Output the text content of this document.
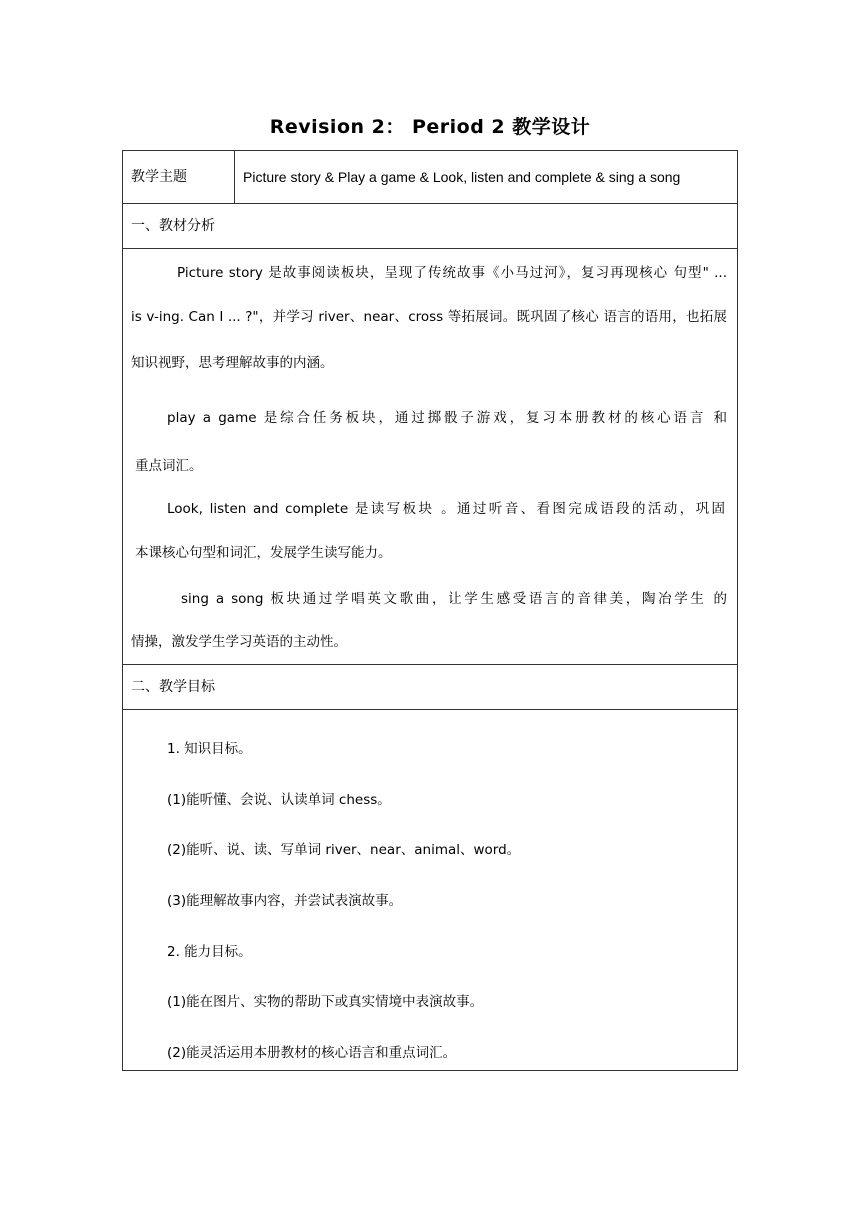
Revision 2： Period 2 教学设计
教学主题	Picture story & Play a game & Look, listen and complete & sing a song
一、教材分析
Picture story 是故事阅读板块，呈现了传统故事《小马过河》，复习再现核心 句型" ...
is v-ing. Can I ... ?"，并学习 river、near、cross 等拓展词。既巩固了核心 语言的语用，也拓展
知识视野，思考理解故事的内涵。
play a game 是综合任务板块，通过掷骰子游戏，复习本册教材的核心语言 和
重点词汇。
Look, listen and complete 是读写板块 。通过听音、看图完成语段的活动，巩固
本课核心句型和词汇，发展学生读写能力。
sing a song 板块通过学唱英文歌曲，让学生感受语言的音律美，陶冶学生 的
情操，激发学生学习英语的主动性。
二、教学目标
1. 知识目标。
(1)能听懂、会说、认读单词 chess。
(2)能听、说、读、写单词 river、near、animal、word。
(3)能理解故事内容，并尝试表演故事。
2. 能力目标。
(1)能在图片、实物的帮助下或真实情境中表演故事。
(2)能灵活运用本册教材的核心语言和重点词汇。
